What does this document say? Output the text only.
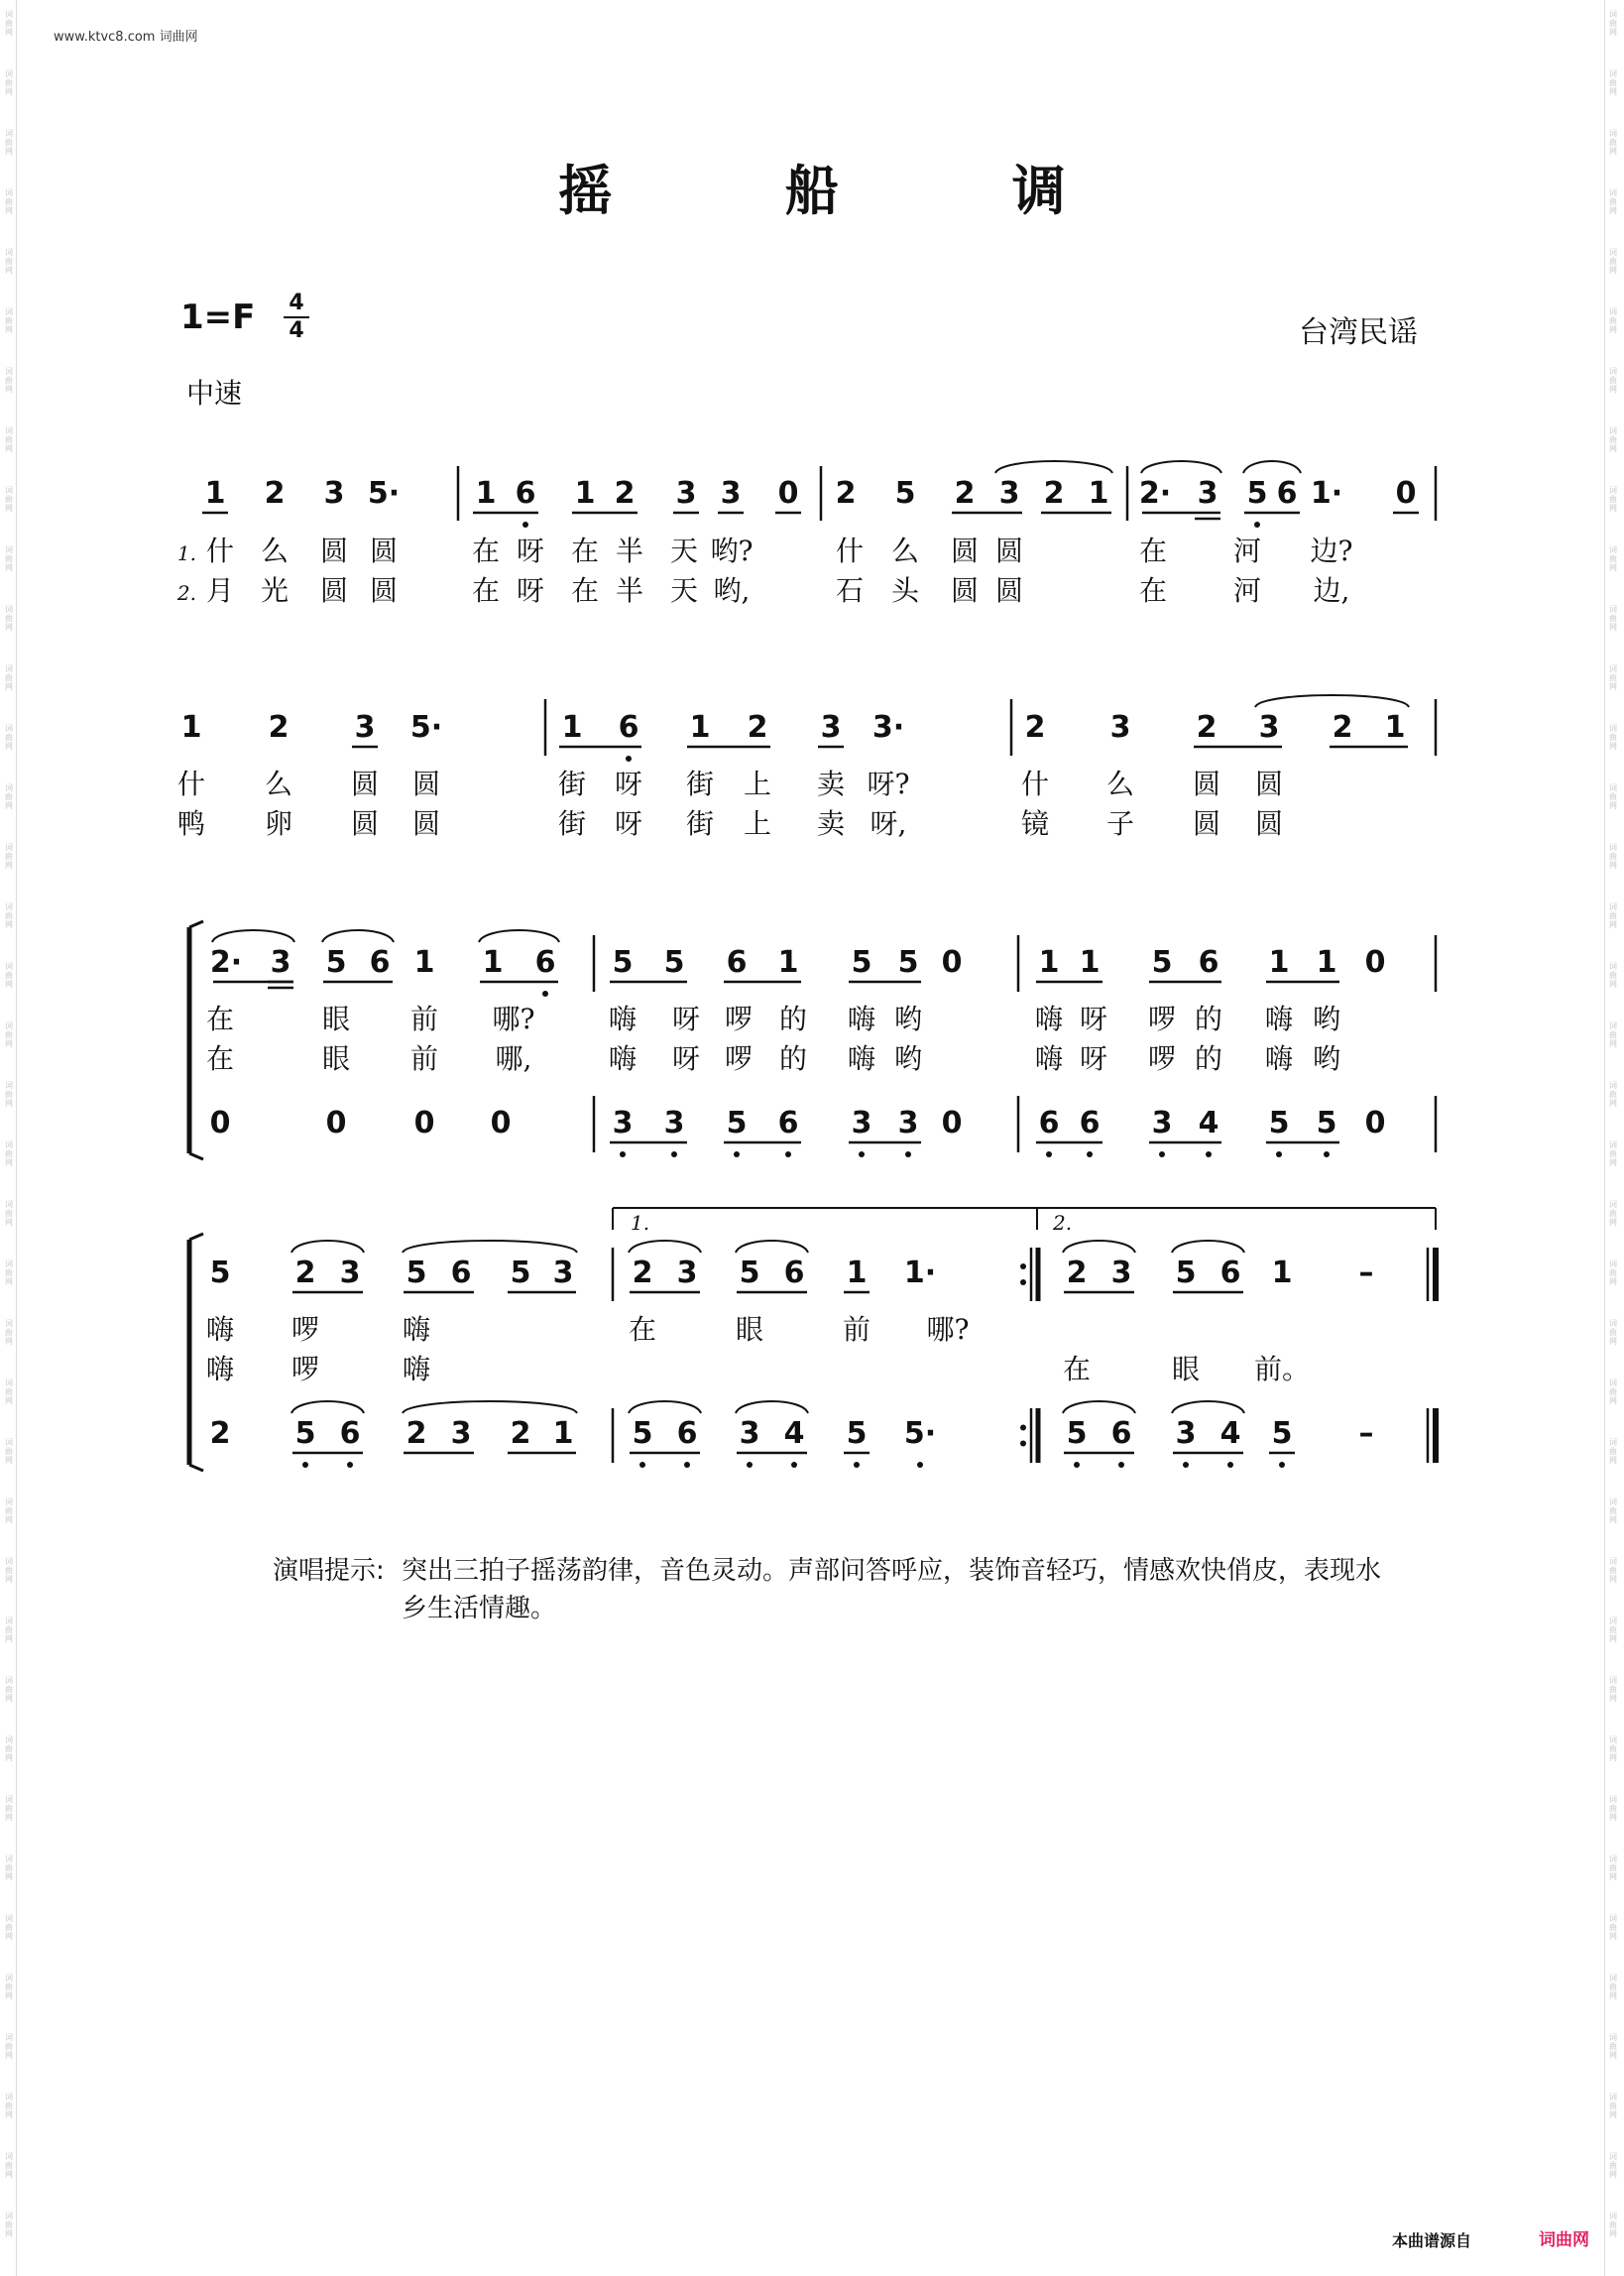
词
曲
网
词
曲
网
词
曲
网
词
曲
网
词
曲
网
词
曲
网
词
曲
网
词
曲
网
词
曲
网
词
曲
网
词
曲
网
词
曲
网
词
曲
网
词
曲
网
词
曲
网
词
曲
网
词
曲
网
词
曲
网
词
曲
网
词
曲
网
词
曲
网
词
曲
网
词
曲
网
词
曲
网
词
曲
网
词
曲
网
词
曲
网
词
曲
网
词
曲
网
词
曲
网
词
曲
网
词
曲
网
词
曲
网
词
曲
网
词
曲
网
词
曲
网
词
曲
网
词
曲
网
词
曲
网
词
曲
网
词
曲
网
词
曲
网
词
曲
网
词
曲
网
词
曲
网
词
曲
网
词
曲
网
词
曲
网
词
曲
网
词
曲
网
词
曲
网
词
曲
网
词
曲
网
词
曲
网
词
曲
网
词
曲
网
词
曲
网
词
曲
网
词
曲
网
词
曲
网
词
曲
网
词
曲
网
词
曲
网
词
曲
网
词
曲
网
词
曲
网
词
曲
网
词
曲
网
词
曲
网
词
曲
网
词
曲
网
词
曲
网
词
曲
网
词
曲
网
词
曲
网
词
曲
网
www.ktvc8.com 词曲网
摇 船 调
1=F 4
4	台湾民谣
中速
1 2 3 5·	1 6 1 2 3 3 0 2 5 2 3 2 1 2· 3 5 6 1· 0
1. 什 么 圆 圆	在 呀 在 半 天 哟?	什 么 圆 圆	在 河 边?
2. 月 光 圆 圆	在 呀 在 半 天 哟,	石 头 圆 圆	在 河 边,
1 2 3 5·	1 6 1 2 3 3·	2 3 2 3 2 1
什 么 圆 圆	街 呀 街 上 卖 呀?	什 么 圆 圆
鸭 卵 圆 圆	街 呀 街 上 卖 呀,	镜 子 圆 圆
2· 3 5 6 1 1 6 5 5 6 1 5 5 0	1 1 5 6 1 1 0
在	眼 前 哪?	嗨 呀 啰 的 嗨 哟	嗨 呀 啰 的 嗨 哟
在	眼 前 哪,	嗨 呀 啰 的 嗨 哟	嗨 呀 啰 的 嗨 哟
0	0 0 0	3 3 5 6 3 3 0	6 6 3 4 5 5 0
1.	2.
5 2 3 5 6 5 3 2 3 5 6 1 1·	2 3 5 6 1 –
嗨 啰	嗨	在	眼	前 哪?
嗨 啰	嗨	在	眼 前。
2 5 6 2 3 2 1 5 6 3 4 5 5·	5 6 3 4 5 –
演唱提示: 突出三拍子摇荡韵律，音色灵动。声部问答呼应，装饰音轻巧，情感欢快俏皮，表现水乡生活情趣。
本曲谱源自	词曲网
